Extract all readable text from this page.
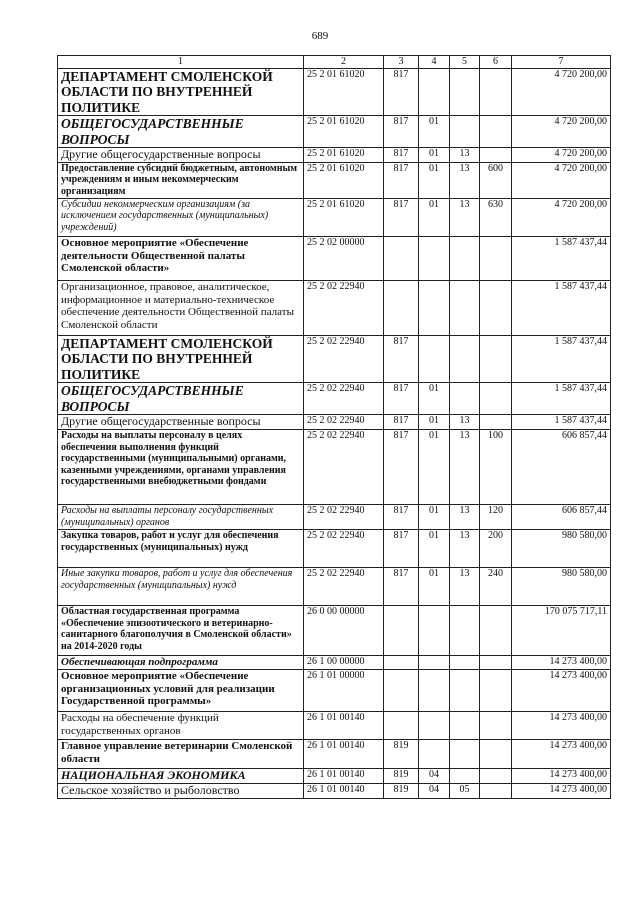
689
1	2	3	4	5	6	7
ДЕПАРТАМЕНТ СМОЛЕНСКОЙ ОБЛАСТИ ПО ВНУТРЕННЕЙ ПОЛИТИКЕ	25 2 01 61020	817				4 720 200,00
ОБЩЕГОСУДАРСТВЕННЫЕ ВОПРОСЫ	25 2 01 61020	817	01			4 720 200,00
Другие общегосударственные вопросы	25 2 01 61020	817	01	13		4 720 200,00
Предоставление субсидий бюджетным, автономным учреждениям и иным некоммерческим организациям	25 2 01 61020	817	01	13	600	4 720 200,00
Субсидии некоммерческим организациям (за исключением государственных (муниципальных) учреждений)	25 2 01 61020	817	01	13	630	4 720 200,00
Основное мероприятие «Обеспечение деятельности Общественной палаты Смоленской области»	25 2 02 00000					1 587 437,44
Организационное, правовое, аналитическое, информационное и материально-техническое обеспечение деятельности Общественной палаты Смоленской области	25 2 02 22940					1 587 437,44
ДЕПАРТАМЕНТ СМОЛЕНСКОЙ ОБЛАСТИ ПО ВНУТРЕННЕЙ ПОЛИТИКЕ	25 2 02 22940	817				1 587 437,44
ОБЩЕГОСУДАРСТВЕННЫЕ ВОПРОСЫ	25 2 02 22940	817	01			1 587 437,44
Другие общегосударственные вопросы	25 2 02 22940	817	01	13		1 587 437,44
Расходы на выплаты персоналу в целях обеспечения выполнения функций государственными (муниципальными) органами, казенными учреждениями, органами управления государственными внебюджетными фондами	25 2 02 22940	817	01	13	100	606 857,44
Расходы на выплаты персоналу государственных (муниципальных) органов	25 2 02 22940	817	01	13	120	606 857,44
Закупка товаров, работ и услуг для обеспечения государственных (муниципальных) нужд	25 2 02 22940	817	01	13	200	980 580,00
Иные закупки товаров, работ и услуг для обеспечения государственных (муниципальных) нужд	25 2 02 22940	817	01	13	240	980 580,00
Областная государственная программа «Обеспечение эпизоотического и ветеринарно-санитарного благополучия в Смоленской области» на 2014-2020 годы	26 0 00 00000					170 075 717,11
Обеспечивающая подпрограмма	26 1 00 00000					14 273 400,00
Основное мероприятие «Обеспечение организационных условий для реализации Государственной программы»	26 1 01 00000					14 273 400,00
Расходы на обеспечение функций государственных органов	26 1 01 00140					14 273 400,00
Главное управление ветеринарии Смоленской области	26 1 01 00140	819				14 273 400,00
НАЦИОНАЛЬНАЯ ЭКОНОМИКА	26 1 01 00140	819	04			14 273 400,00
Сельское хозяйство и рыболовство	26 1 01 00140	819	04	05		14 273 400,00
